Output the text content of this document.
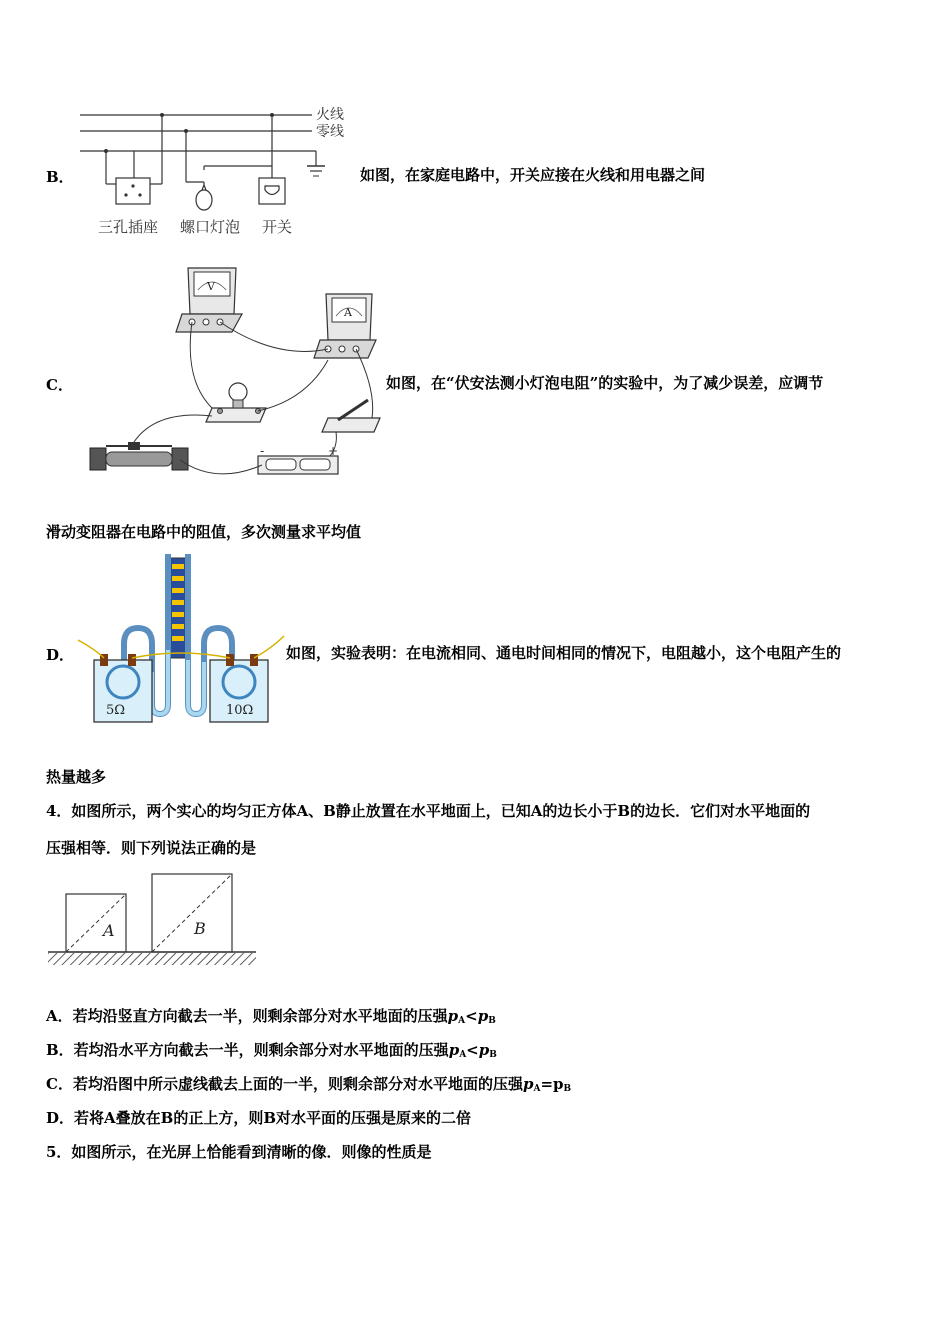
B．
火线
零线
三孔插座 螺口灯泡 开关
如图，在家庭电路中，开关应接在火线和用电器之间
C．
V
A
-	+
如图，在“伏安法测小灯泡电阻”的实验中，为了减少误差，应调节
滑动变阻器在电路中的阻值，多次测量求平均值
D．
5Ω	10Ω
如图，实验表明：在电流相同、通电时间相同的情况下，电阻越小，这个电阻产生的
热量越多
4．如图所示，两个实心的均匀正方体A、B静止放置在水平地面上，已知A的边长小于B的边长．它们对水平地面的
压强相等．则下列说法正确的是
A	B
A．若均沿竖直方向截去一半，则剩余部分对水平地面的压强$p_A<p_B$
B．若均沿水平方向截去一半，则剩余部分对水平地面的压强$p_A<p_B$
C．若均沿图中所示虚线截去上面的一半，则剩余部分对水平地面的压强$p_A=p_B$
D．若将A叠放在B的正上方，则B对水平面的压强是原来的二倍
5．如图所示，在光屏上恰能看到清晰的像．则像的性质是
